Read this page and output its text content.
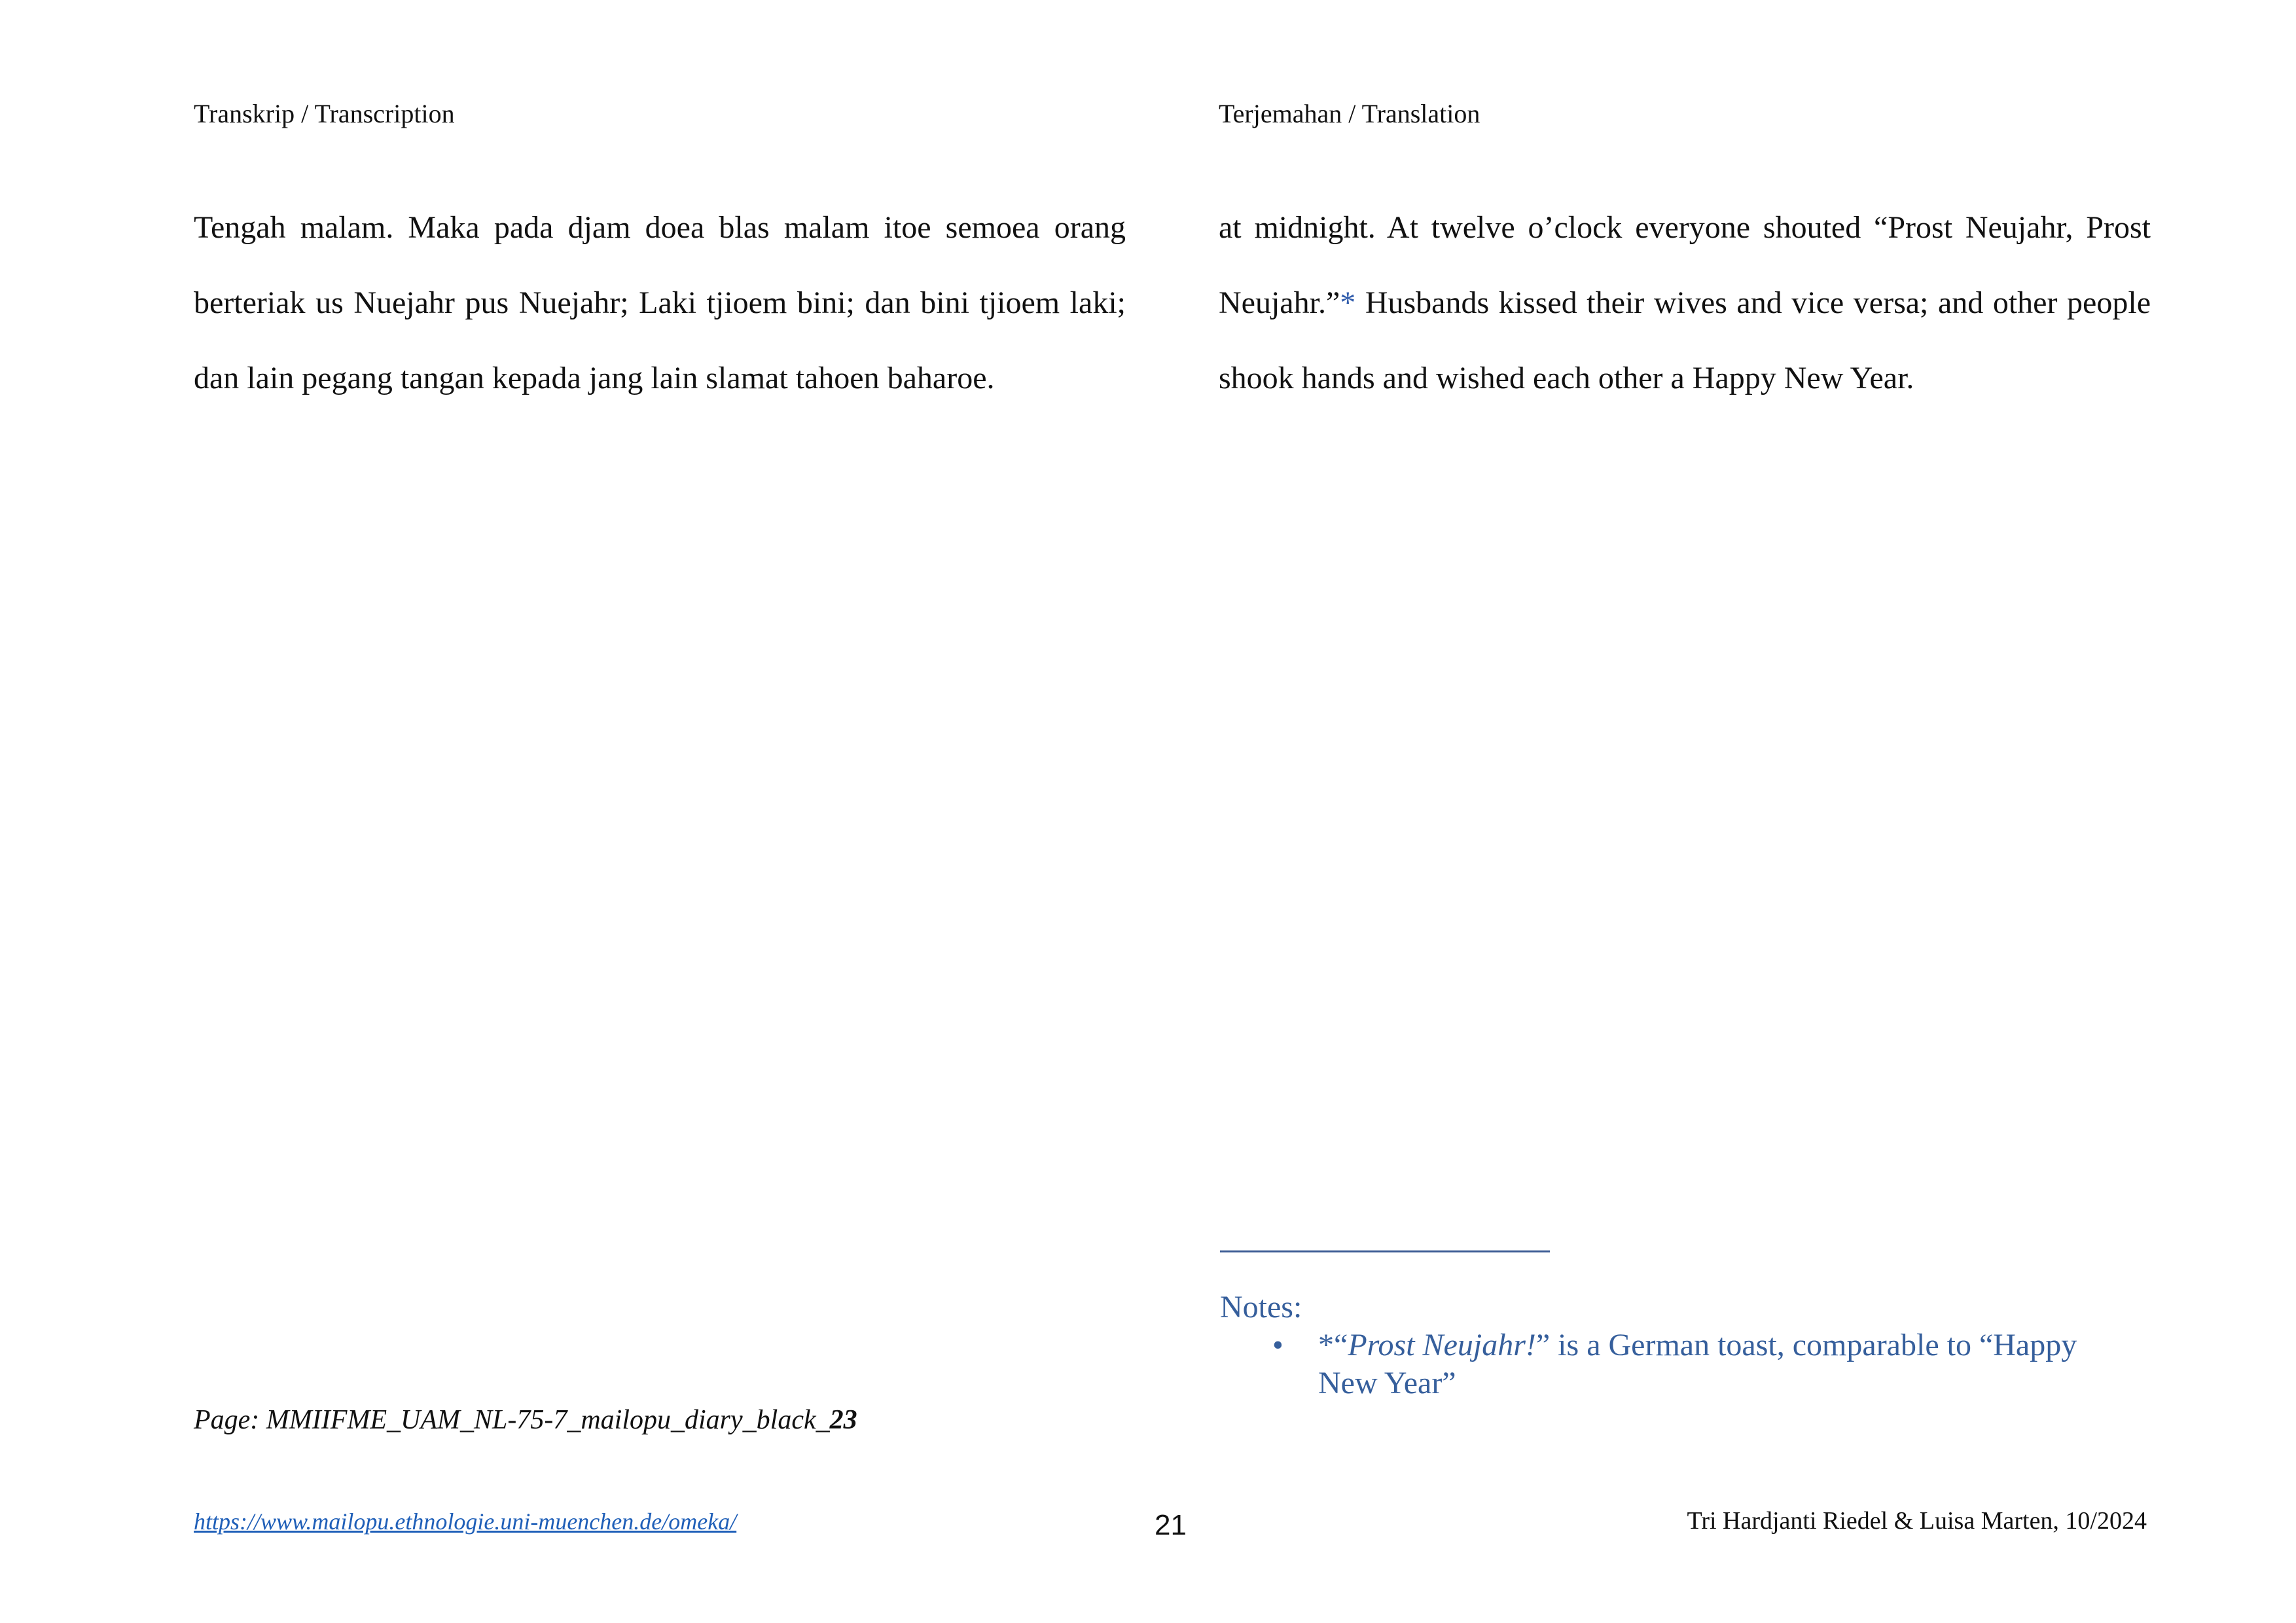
Transkrip / Transcription	Terjemahan / Translation
Tengah malam. Maka pada djam doea blas malam itoe semoea orang berteriak us Nuejahr pus Nuejahr; Laki tjioem bini; dan bini tjioem laki; dan lain pegang tangan kepada jang lain slamat tahoen baharoe.
at midnight. At twelve o’clock everyone shouted “Prost Neujahr, Prost Neujahr.”* Husbands kissed their wives and vice versa; and other people shook hands and wished each other a Happy New Year.

Notes:

• *“Prost Neujahr!” is a German toast, comparable to “Happy New Year”
Page: MMIIFME_UAM_NL-75-7_mailopu_diary_black_23
https://www.mailopu.ethnologie.uni-muenchen.de/omeka/	21	Tri Hardjanti Riedel & Luisa Marten, 10/2024
